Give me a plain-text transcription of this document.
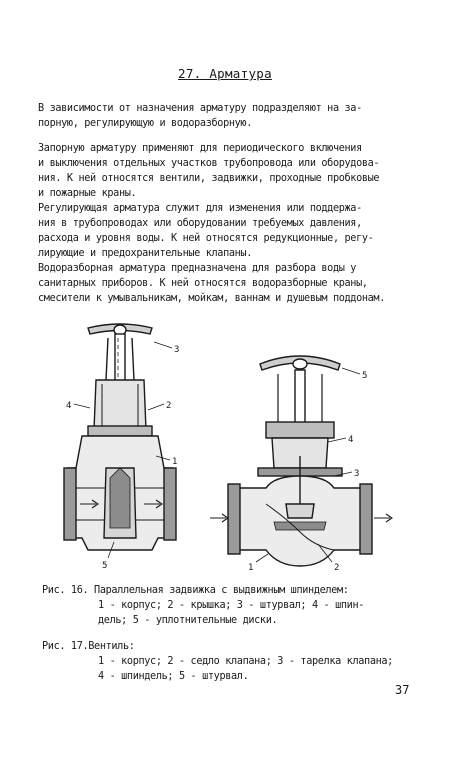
27. Арматура
В зависимости от назначения арматуру подразделяют на за-
порную, регулирующую и водоразборную.
Запорную арматуру применяют для периодического включения
и выключения отдельных участков трубопровода или оборудова-
ния. К ней относятся вентили, задвижки, проходные пробковые
и пожарные краны.
Регулирующая арматура служит для изменения или поддержа-
ния в трубопроводах или оборудовании требуемых давления,
расхода и уровня воды. К ней относятся редукционные, регу-
лирующие и предохранительные клапаны.
Водоразборная арматура предназначена для разбора воды у
санитарных приборов. К ней относятся водоразборные краны,
смесители к умывальникам, мойкам, ваннам и душевым поддонам.
3
4	2
1
5
5
4
3
1	2
Рис. 16. Параллельная задвижка с выдвижным шпинделем:
1 - корпус; 2 - крышка; 3 - штурвал; 4 - шпин-
дель; 5 - уплотнительные диски.
Рис. 17.Вентиль:
1 - корпус; 2 - седло клапана; 3 - тарелка клапана;
4 - шпиндель; 5 - штурвал.
37
